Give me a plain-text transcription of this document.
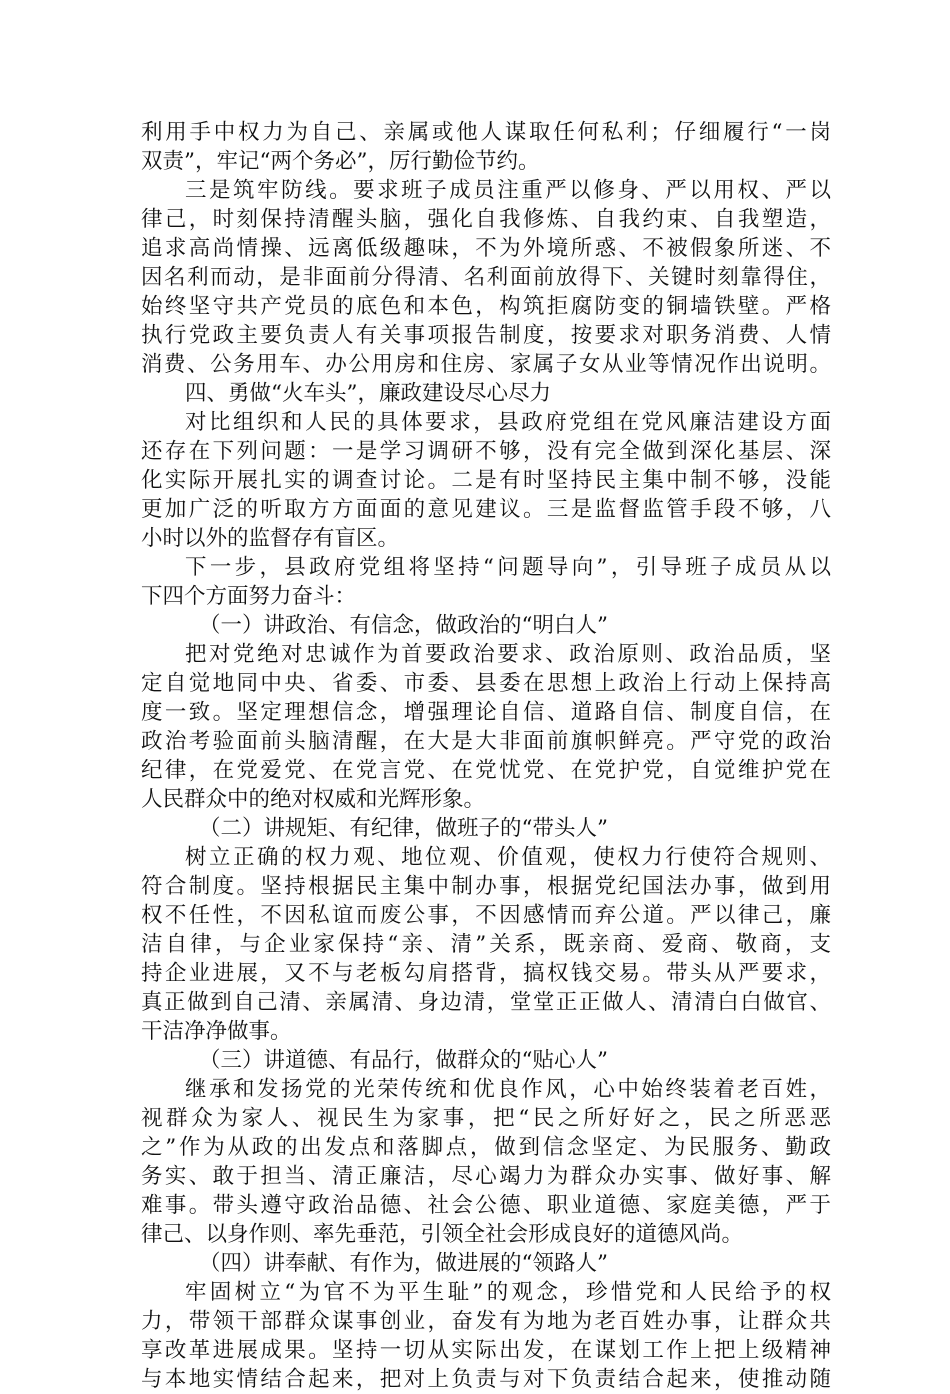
利用手中权力为自己、亲属或他人谋取任何私利；仔细履行“一岗
双责”，牢记“两个务必”，厉行勤俭节约。
三是筑牢防线。要求班子成员注重严以修身、严以用权、严以
律己，时刻保持清醒头脑，强化自我修炼、自我约束、自我塑造，
追求高尚情操、远离低级趣味，不为外境所惑、不被假象所迷、不
因名利而动，是非面前分得清、名利面前放得下、关键时刻靠得住，
始终坚守共产党员的底色和本色，构筑拒腐防变的铜墙铁壁。严格
执行党政主要负责人有关事项报告制度，按要求对职务消费、人情
消费、公务用车、办公用房和住房、家属子女从业等情况作出说明。
四、勇做“火车头”，廉政建设尽心尽力
对比组织和人民的具体要求，县政府党组在党风廉洁建设方面
还存在下列问题：一是学习调研不够，没有完全做到深化基层、深
化实际开展扎实的调查讨论。二是有时坚持民主集中制不够，没能
更加广泛的听取方方面面的意见建议。三是监督监管手段不够，八
小时以外的监督存有盲区。
下一步，县政府党组将坚持“问题导向”，引导班子成员从以
下四个方面努力奋斗：
（一）讲政治、有信念，做政治的“明白人”
把对党绝对忠诚作为首要政治要求、政治原则、政治品质，坚
定自觉地同中央、省委、市委、县委在思想上政治上行动上保持高
度一致。坚定理想信念，增强理论自信、道路自信、制度自信，在
政治考验面前头脑清醒，在大是大非面前旗帜鲜亮。严守党的政治
纪律，在党爱党、在党言党、在党忧党、在党护党，自觉维护党在
人民群众中的绝对权威和光辉形象。
（二）讲规矩、有纪律，做班子的“带头人”
树立正确的权力观、地位观、价值观，使权力行使符合规则、
符合制度。坚持根据民主集中制办事，根据党纪国法办事，做到用
权不任性，不因私谊而废公事，不因感情而弃公道。严以律己，廉
洁自律，与企业家保持“亲、清”关系，既亲商、爱商、敬商，支
持企业进展，又不与老板勾肩搭背，搞权钱交易。带头从严要求，
真正做到自己清、亲属清、身边清，堂堂正正做人、清清白白做官、
干洁净净做事。
（三）讲道德、有品行，做群众的“贴心人”
继承和发扬党的光荣传统和优良作风，心中始终装着老百姓，
视群众为家人、视民生为家事，把“民之所好好之，民之所恶恶
之”作为从政的出发点和落脚点，做到信念坚定、为民服务、勤政
务实、敢于担当、清正廉洁，尽心竭力为群众办实事、做好事、解
难事。带头遵守政治品德、社会公德、职业道德、家庭美德，严于
律己、以身作则、率先垂范，引领全社会形成良好的道德风尚。
（四）讲奉献、有作为，做进展的“领路人”
牢固树立“为官不为平生耻”的观念，珍惜党和人民给予的权
力，带领干部群众谋事创业，奋发有为地为老百姓办事，让群众共
享改革进展成果。坚持一切从实际出发，在谋划工作上把上级精神
与本地实情结合起来，把对上负责与对下负责结合起来，使推动随
